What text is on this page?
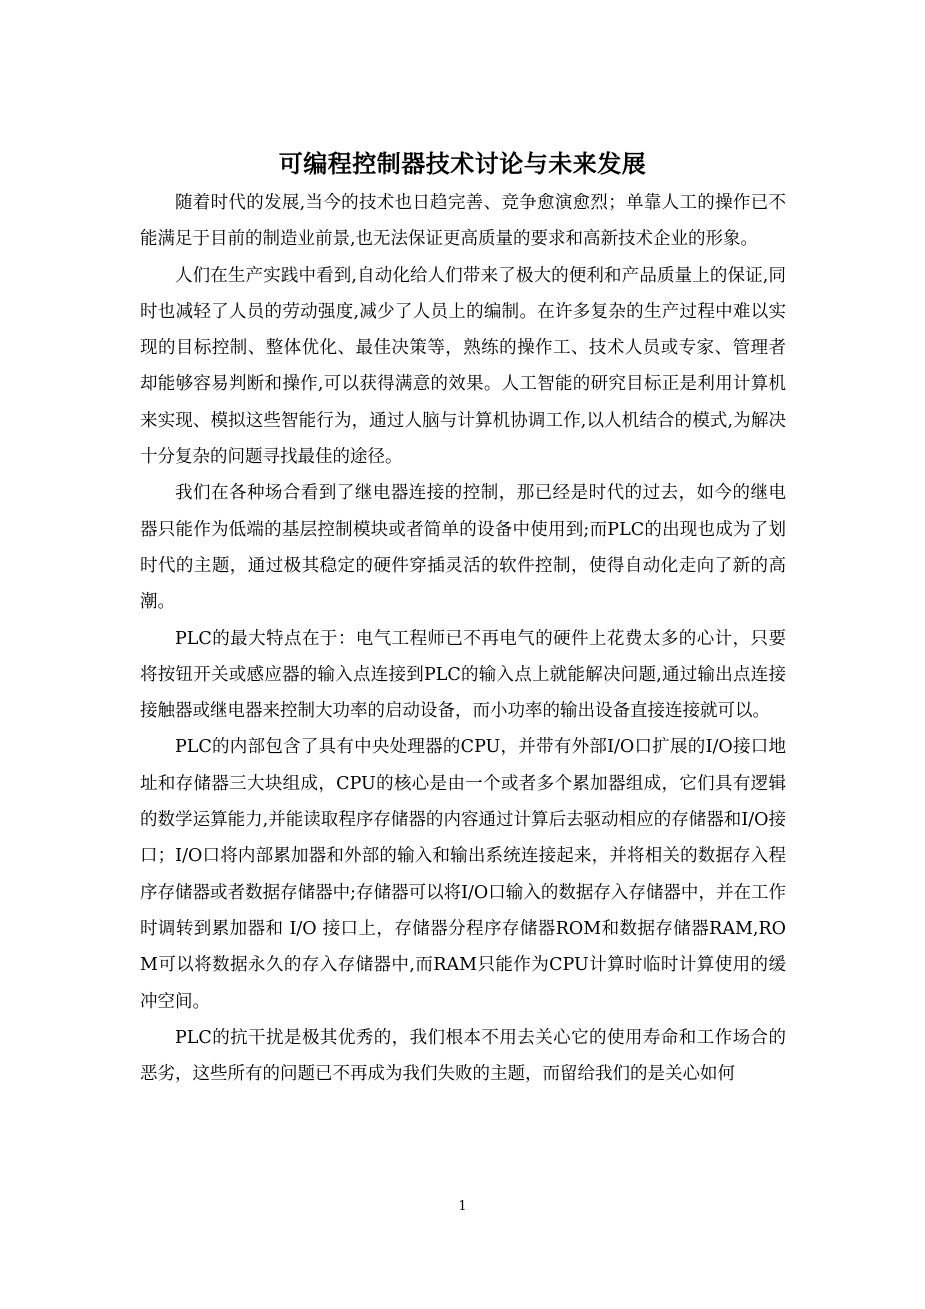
可编程控制器技术讨论与未来发展

随着时代的发展,当今的技术也日趋完善、竞争愈演愈烈；单靠人工的操作已不能满足于目前的制造业前景,也无法保证更高质量的要求和高新技术企业的形象。

人们在生产实践中看到,自动化给人们带来了极大的便利和产品质量上的保证,同时也减轻了人员的劳动强度,减少了人员上的编制。在许多复杂的生产过程中难以实现的目标控制、整体优化、最佳决策等，熟练的操作工、技术人员或专家、管理者却能够容易判断和操作,可以获得满意的效果。人工智能的研究目标正是利用计算机来实现、模拟这些智能行为，通过人脑与计算机协调工作,以人机结合的模式,为解决十分复杂的问题寻找最佳的途径。

我们在各种场合看到了继电器连接的控制，那已经是时代的过去，如今的继电器只能作为低端的基层控制模块或者简单的设备中使用到;而PLC的出现也成为了划时代的主题，通过极其稳定的硬件穿插灵活的软件控制，使得自动化走向了新的高潮。

PLC的最大特点在于：电气工程师已不再电气的硬件上花费太多的心计，只要将按钮开关或感应器的输入点连接到PLC的输入点上就能解决问题,通过输出点连接接触器或继电器来控制大功率的启动设备，而小功率的输出设备直接连接就可以。

PLC的内部包含了具有中央处理器的CPU，并带有外部I/O口扩展的I/O接口地址和存储器三大块组成，CPU的核心是由一个或者多个累加器组成，它们具有逻辑的数学运算能力,并能读取程序存储器的内容通过计算后去驱动相应的存储器和I/O接口；I/O口将内部累加器和外部的输入和输出系统连接起来，并将相关的数据存入程序存储器或者数据存储器中;存储器可以将I/O口输入的数据存入存储器中，并在工作时调转到累加器和 I/O 接口上，存储器分程序存储器ROM和数据存储器RAM,ROM可以将数据永久的存入存储器中,而RAM只能作为CPU计算时临时计算使用的缓冲空间。

PLC的抗干扰是极其优秀的，我们根本不用去关心它的使用寿命和工作场合的恶劣，这些所有的问题已不再成为我们失败的主题，而留给我们的是关心如何

1
